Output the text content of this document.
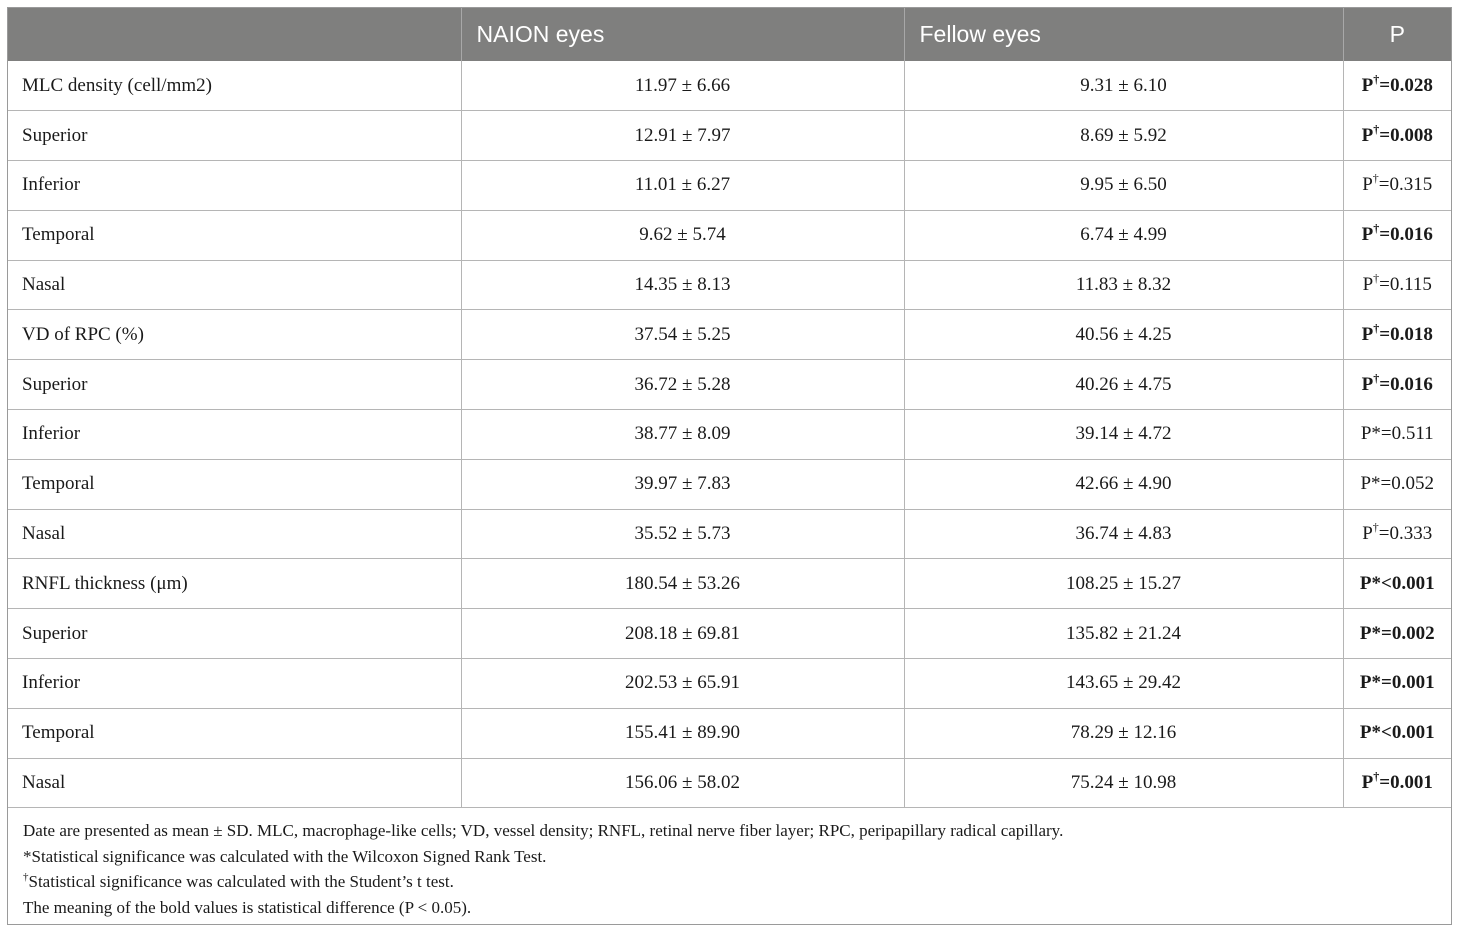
	NAION eyes	Fellow eyes	P
MLC density (cell/mm2)	11.97 ± 6.66	9.31 ± 6.10	P†=0.028
Superior	12.91 ± 7.97	8.69 ± 5.92	P†=0.008
Inferior	11.01 ± 6.27	9.95 ± 6.50	P†=0.315
Temporal	9.62 ± 5.74	6.74 ± 4.99	P†=0.016
Nasal	14.35 ± 8.13	11.83 ± 8.32	P†=0.115
VD of RPC (%)	37.54 ± 5.25	40.56 ± 4.25	P†=0.018
Superior	36.72 ± 5.28	40.26 ± 4.75	P†=0.016
Inferior	38.77 ± 8.09	39.14 ± 4.72	P*=0.511
Temporal	39.97 ± 7.83	42.66 ± 4.90	P*=0.052
Nasal	35.52 ± 5.73	36.74 ± 4.83	P†=0.333
RNFL thickness (μm)	180.54 ± 53.26	108.25 ± 15.27	P*<0.001
Superior	208.18 ± 69.81	135.82 ± 21.24	P*=0.002
Inferior	202.53 ± 65.91	143.65 ± 29.42	P*=0.001
Temporal	155.41 ± 89.90	78.29 ± 12.16	P*<0.001
Nasal	156.06 ± 58.02	75.24 ± 10.98	P†=0.001
Date are presented as mean ± SD. MLC, macrophage-like cells; VD, vessel density; RNFL, retinal nerve fiber layer; RPC, peripapillary radical capillary.
*Statistical significance was calculated with the Wilcoxon Signed Rank Test.
†Statistical significance was calculated with the Student’s t test.
The meaning of the bold values is statistical difference (P < 0.05).
